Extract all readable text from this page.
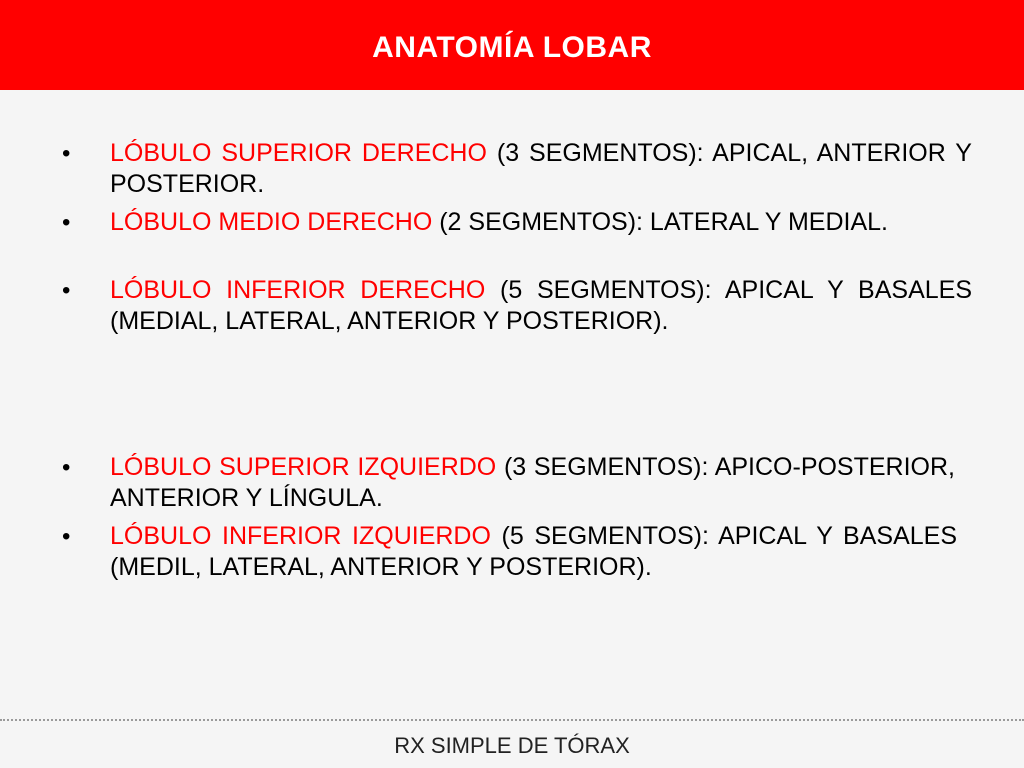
ANATOMÍA LOBAR
• LÓBULO SUPERIOR DERECHO (3 SEGMENTOS): APICAL, ANTERIOR Y POSTERIOR.
• LÓBULO MEDIO DERECHO (2 SEGMENTOS): LATERAL Y MEDIAL.
• LÓBULO INFERIOR DERECHO (5 SEGMENTOS): APICAL Y BASALES (MEDIAL, LATERAL, ANTERIOR Y POSTERIOR).
• LÓBULO SUPERIOR IZQUIERDO (3 SEGMENTOS): APICO-POSTERIOR, ANTERIOR Y LÍNGULA.
• LÓBULO INFERIOR IZQUIERDO (5 SEGMENTOS): APICAL Y BASALES (MEDIL, LATERAL, ANTERIOR Y POSTERIOR).
RX SIMPLE DE TÓRAX
